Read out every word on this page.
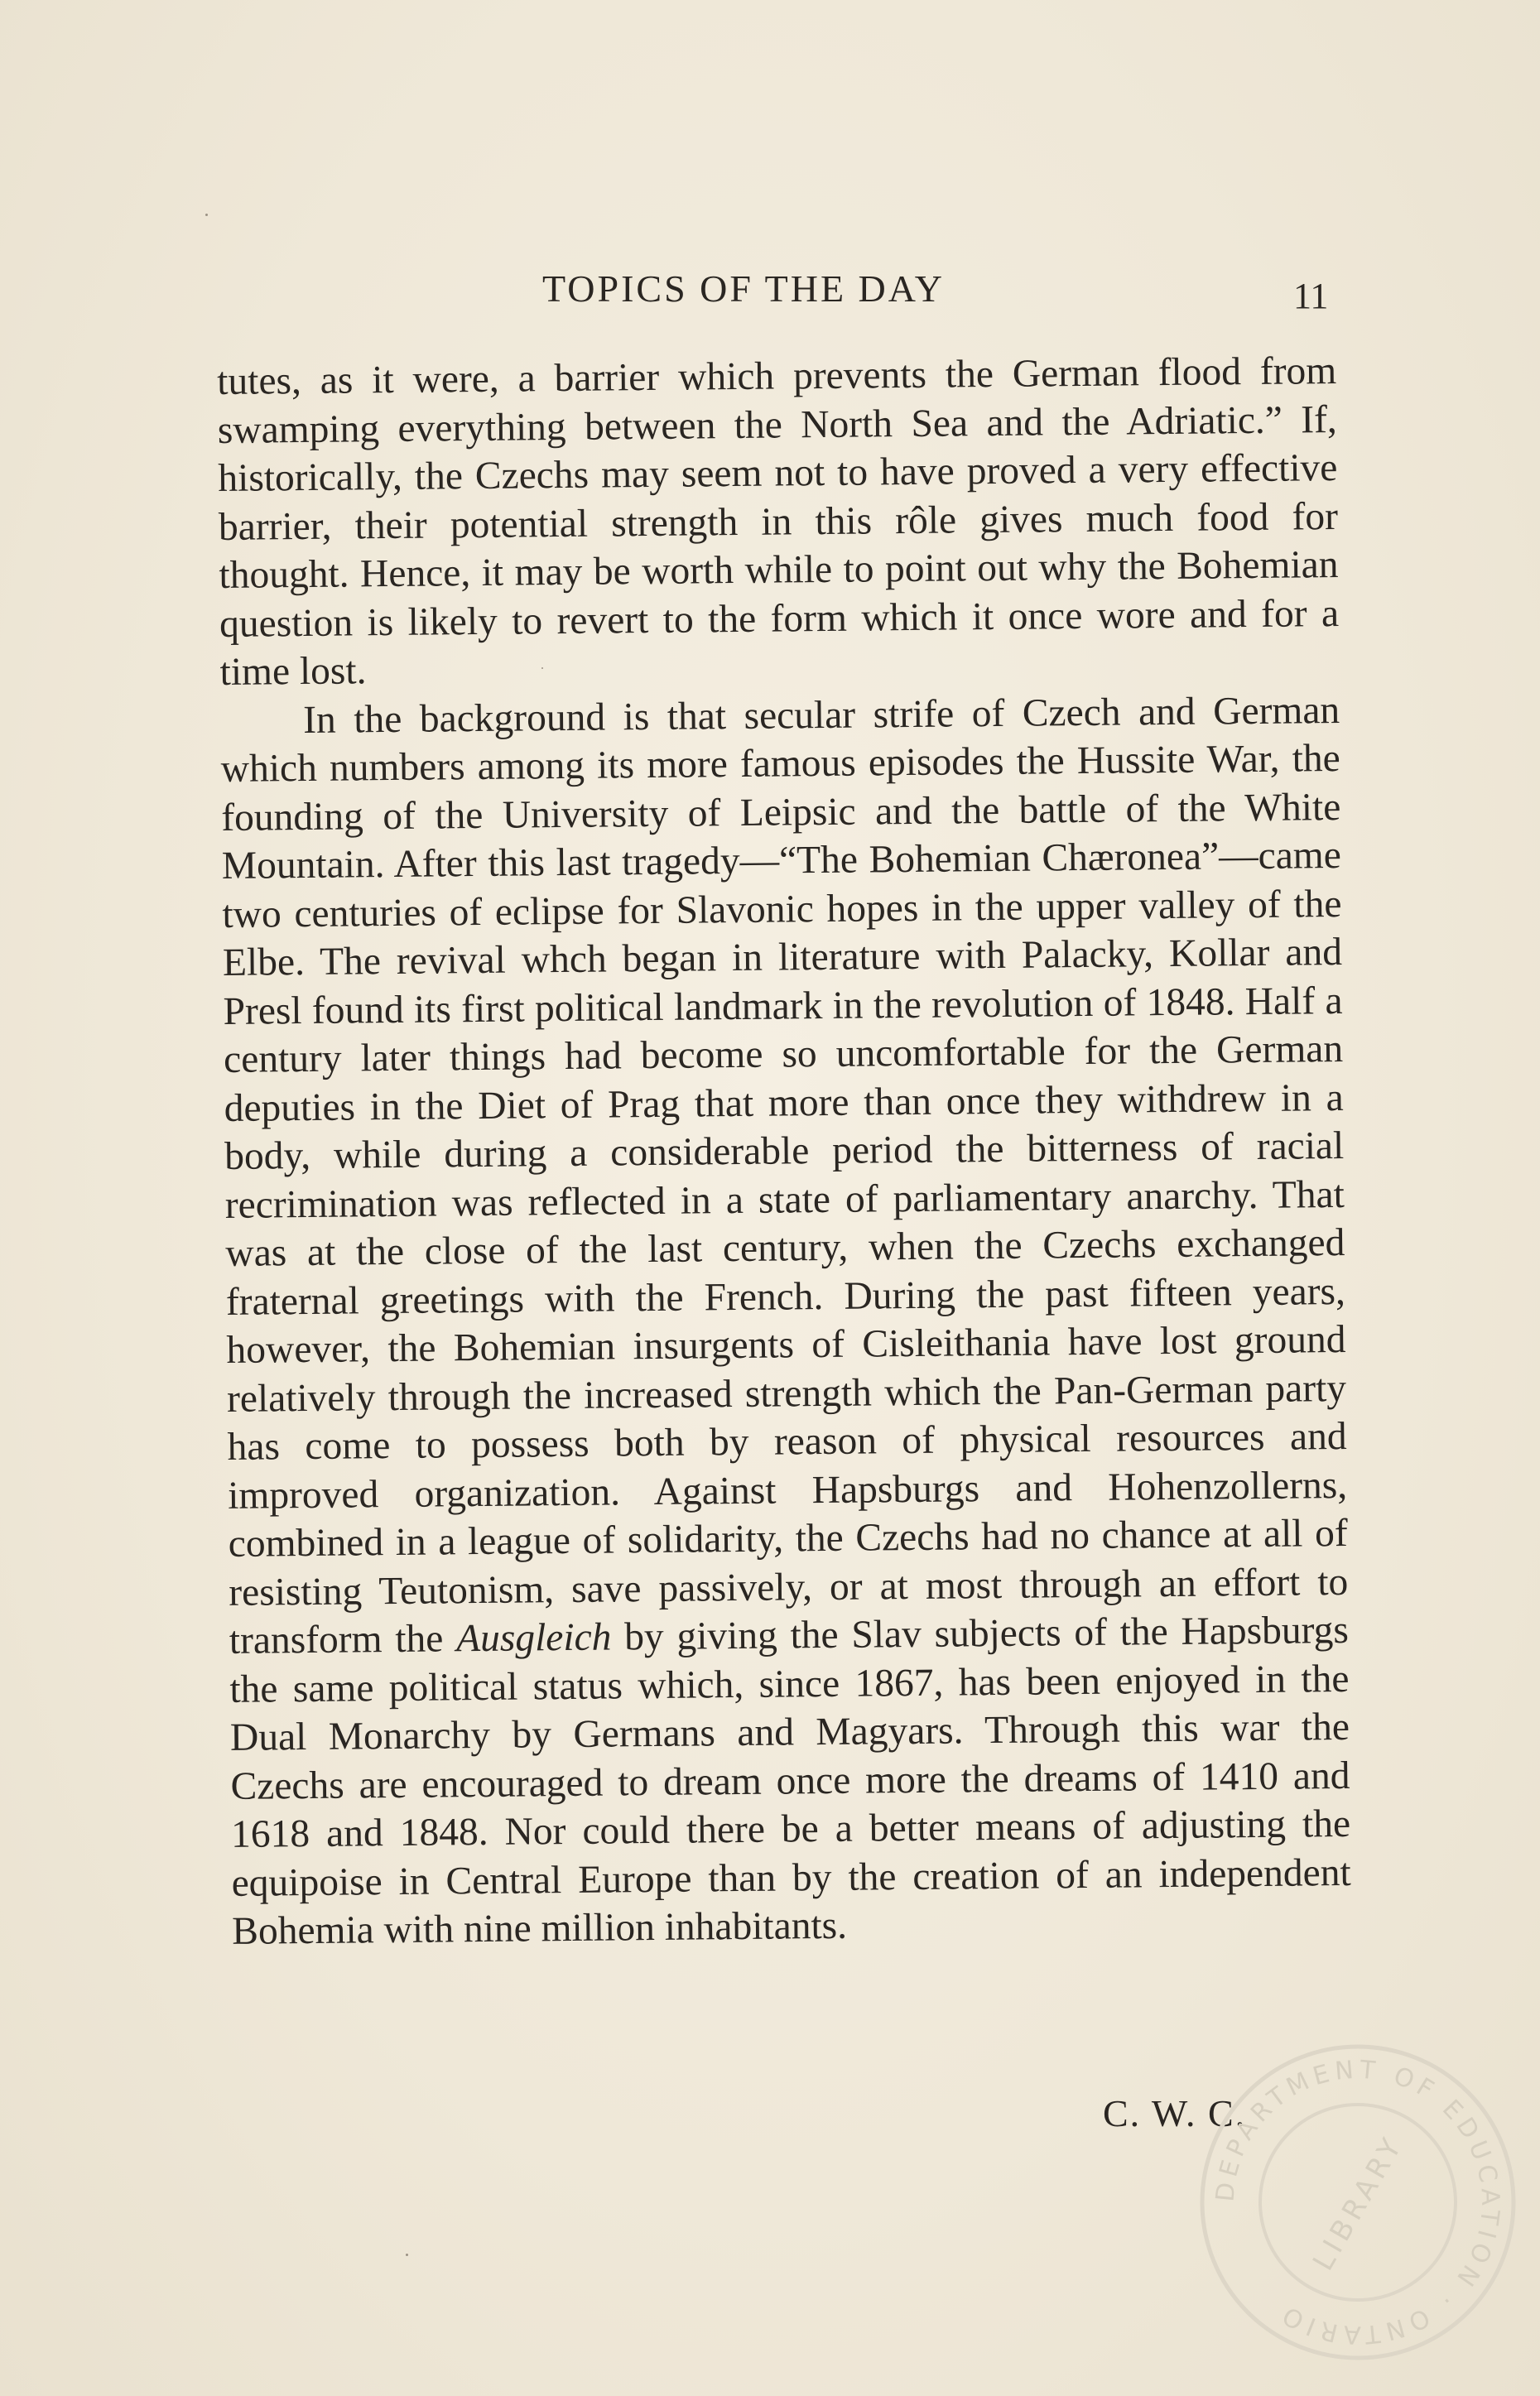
TOPICS OF THE DAY	11

tutes, as it were, a barrier which prevents the German flood from swamping everything between the North Sea and the Adriatic.” If, historically, the Czechs may seem not to have proved a very effective barrier, their potential strength in this rôle gives much food for thought. Hence, it may be worth while to point out why the Bohemian question is likely to revert to the form which it once wore and for a time lost.

In the background is that secular strife of Czech and German which numbers among its more famous episodes the Hussite War, the founding of the University of Leipsic and the battle of the White Mountain. After this last tragedy—“The Bohemian Chæronea”—came two centuries of eclipse for Slavonic hopes in the upper valley of the Elbe. The revival whch began in literature with Palacky, Kollar and Presl found its first political landmark in the revolution of 1848. Half a century later things had become so uncomfortable for the German deputies in the Diet of Prag that more than once they withdrew in a body, while during a considerable period the bitterness of racial recrimination was reflected in a state of parliamentary anarchy. That was at the close of the last century, when the Czechs exchanged fraternal greetings with the French. During the past fifteen years, however, the Bohemian insurgents of Cisleithania have lost ground relatively through the increased strength which the Pan-German party has come to possess both by reason of physical resources and improved organization. Against Hapsburgs and Hohenzollerns, combined in a league of solidarity, the Czechs had no chance at all of resisting Teutonism, save passively, or at most through an effort to transform the Ausgleich by giving the Slav subjects of the Hapsburgs the same political status which, since 1867, has been enjoyed in the Dual Monarchy by Germans and Magyars. Through this war the Czechs are encouraged to dream once more the dreams of 1410 and 1618 and 1848. Nor could there be a better means of adjusting the equipoise in Central Europe than by the creation of an independent Bohemia with nine million inhabitants.

C. W. C.
DEPARTMENT OF EDUCATION · ONTARIO
LIBRARY
